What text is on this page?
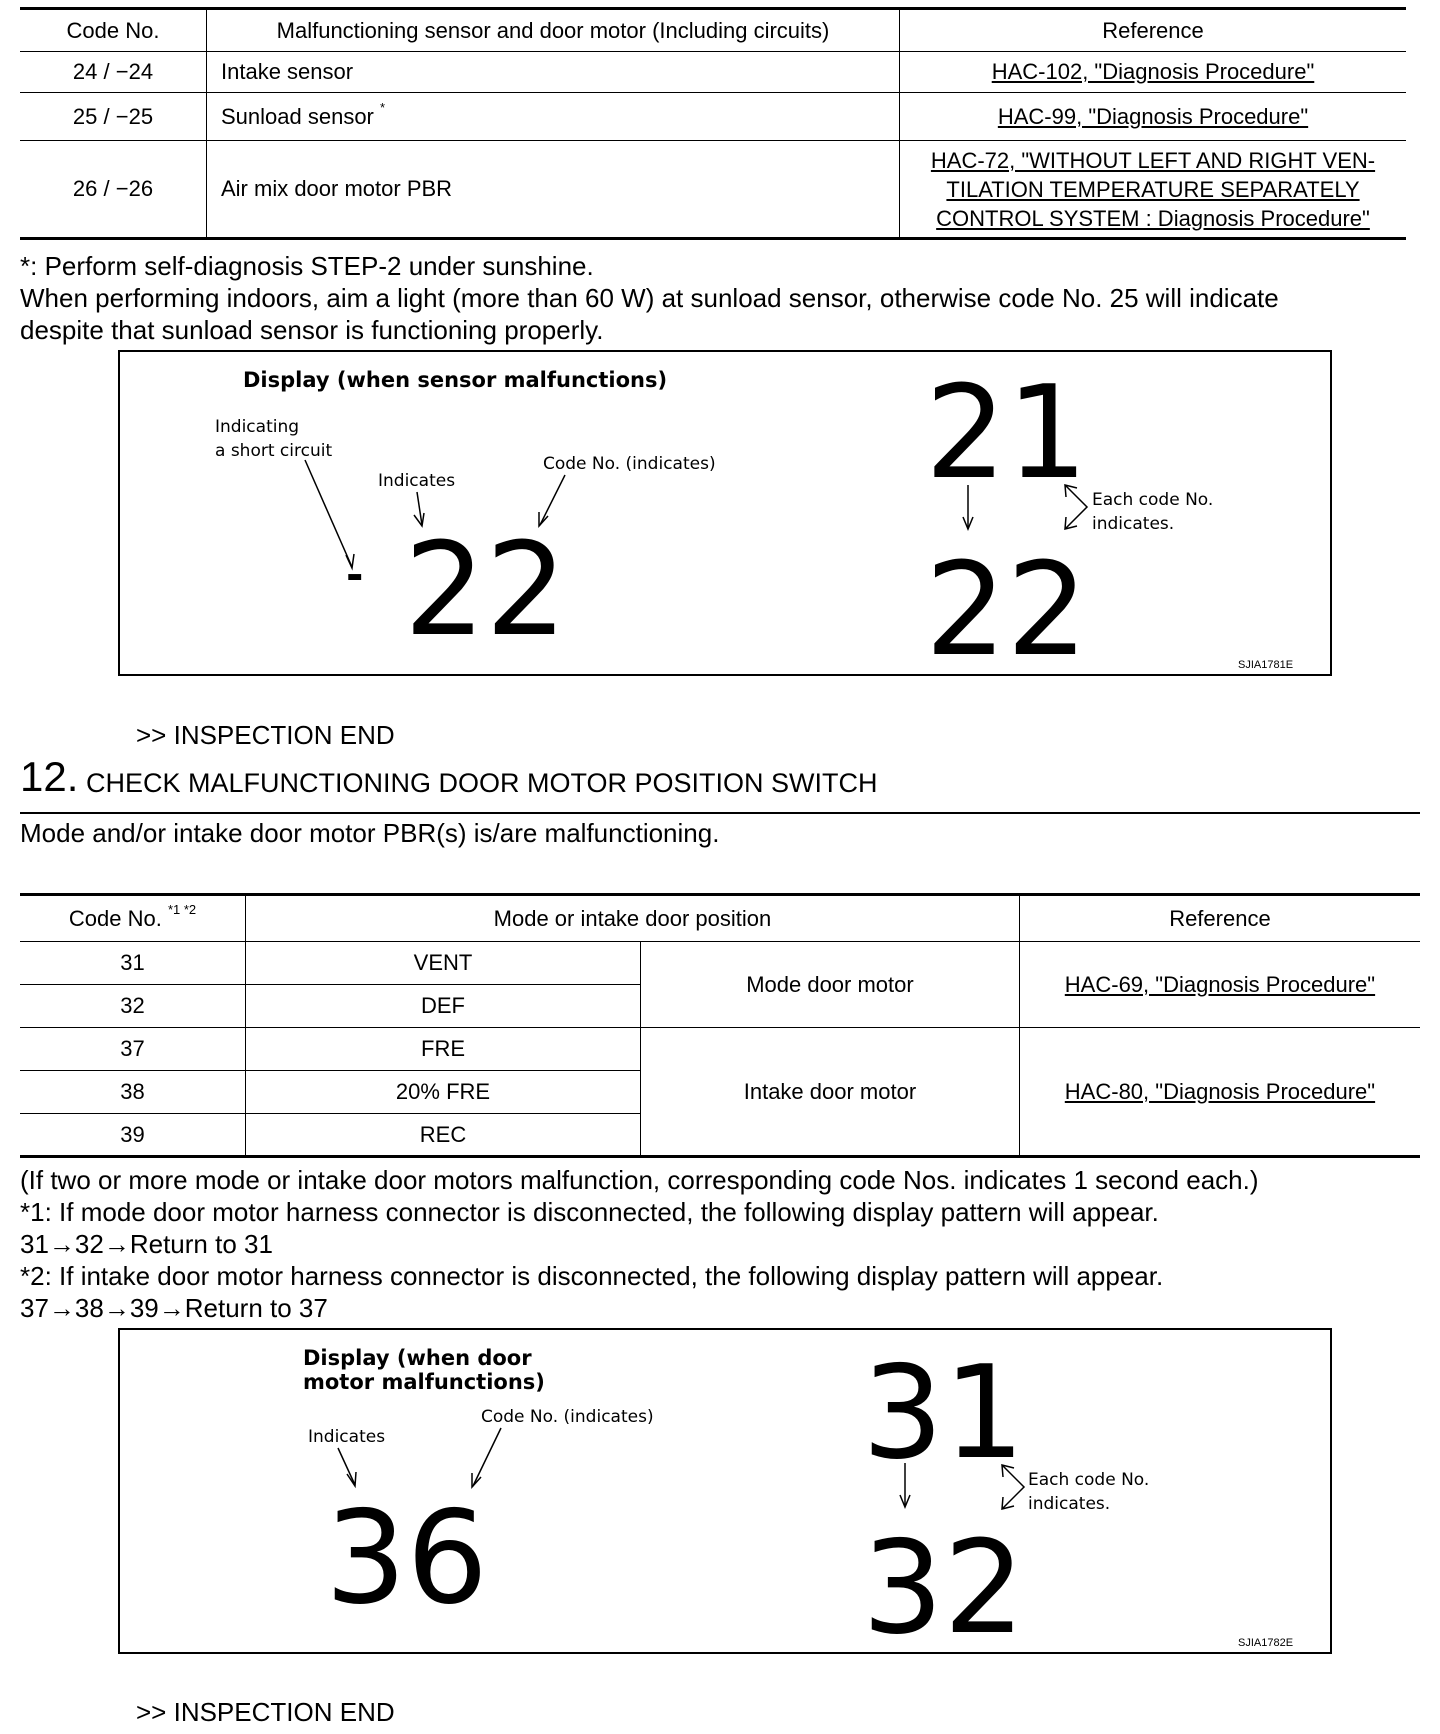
Code No.	Malfunctioning sensor and door motor (Including circuits)	Reference
24 / −24	Intake sensor	HAC-102, "Diagnosis Procedure"
25 / −25	Sunload sensor *	HAC-99, "Diagnosis Procedure"
26 / −26	Air mix door motor PBR	HAC-72, "WITHOUT LEFT AND RIGHT VEN-
TILATION TEMPERATURE SEPARATELY
CONTROL SYSTEM : Diagnosis Procedure"
*: Perform self-diagnosis STEP-2 under sunshine.
When performing indoors, aim a light (more than 60 W) at sunload sensor, otherwise code No. 25 will indicate
despite that sunload sensor is functioning properly.
Display (when sensor malfunctions)
Indicating
a short circuit
Indicates
Code No. (indicates)
- 22
21
22
Each code No.
indicates.
SJIA1781E
>> INSPECTION END
12. CHECK MALFUNCTIONING DOOR MOTOR POSITION SWITCH
Mode and/or intake door motor PBR(s) is/are malfunctioning.
Code No. $^{*1 *2}$	Mode or intake door position		Reference
31	VENT	Mode door motor	HAC-69, "Diagnosis Procedure"
32	DEF		
37	FRE	Intake door motor	HAC-80, "Diagnosis Procedure"
38	20% FRE		
39	REC		
(If two or more mode or intake door motors malfunction, corresponding code Nos. indicates 1 second each.)
*1: If mode door motor harness connector is disconnected, the following display pattern will appear.
31→32→Return to 31
*2: If intake door motor harness connector is disconnected, the following display pattern will appear.
37→38→39→Return to 37
Display (when door
motor malfunctions)
Indicates
Code No. (indicates)
36
31
32
Each code No.
indicates.
SJIA1782E
>> INSPECTION END
